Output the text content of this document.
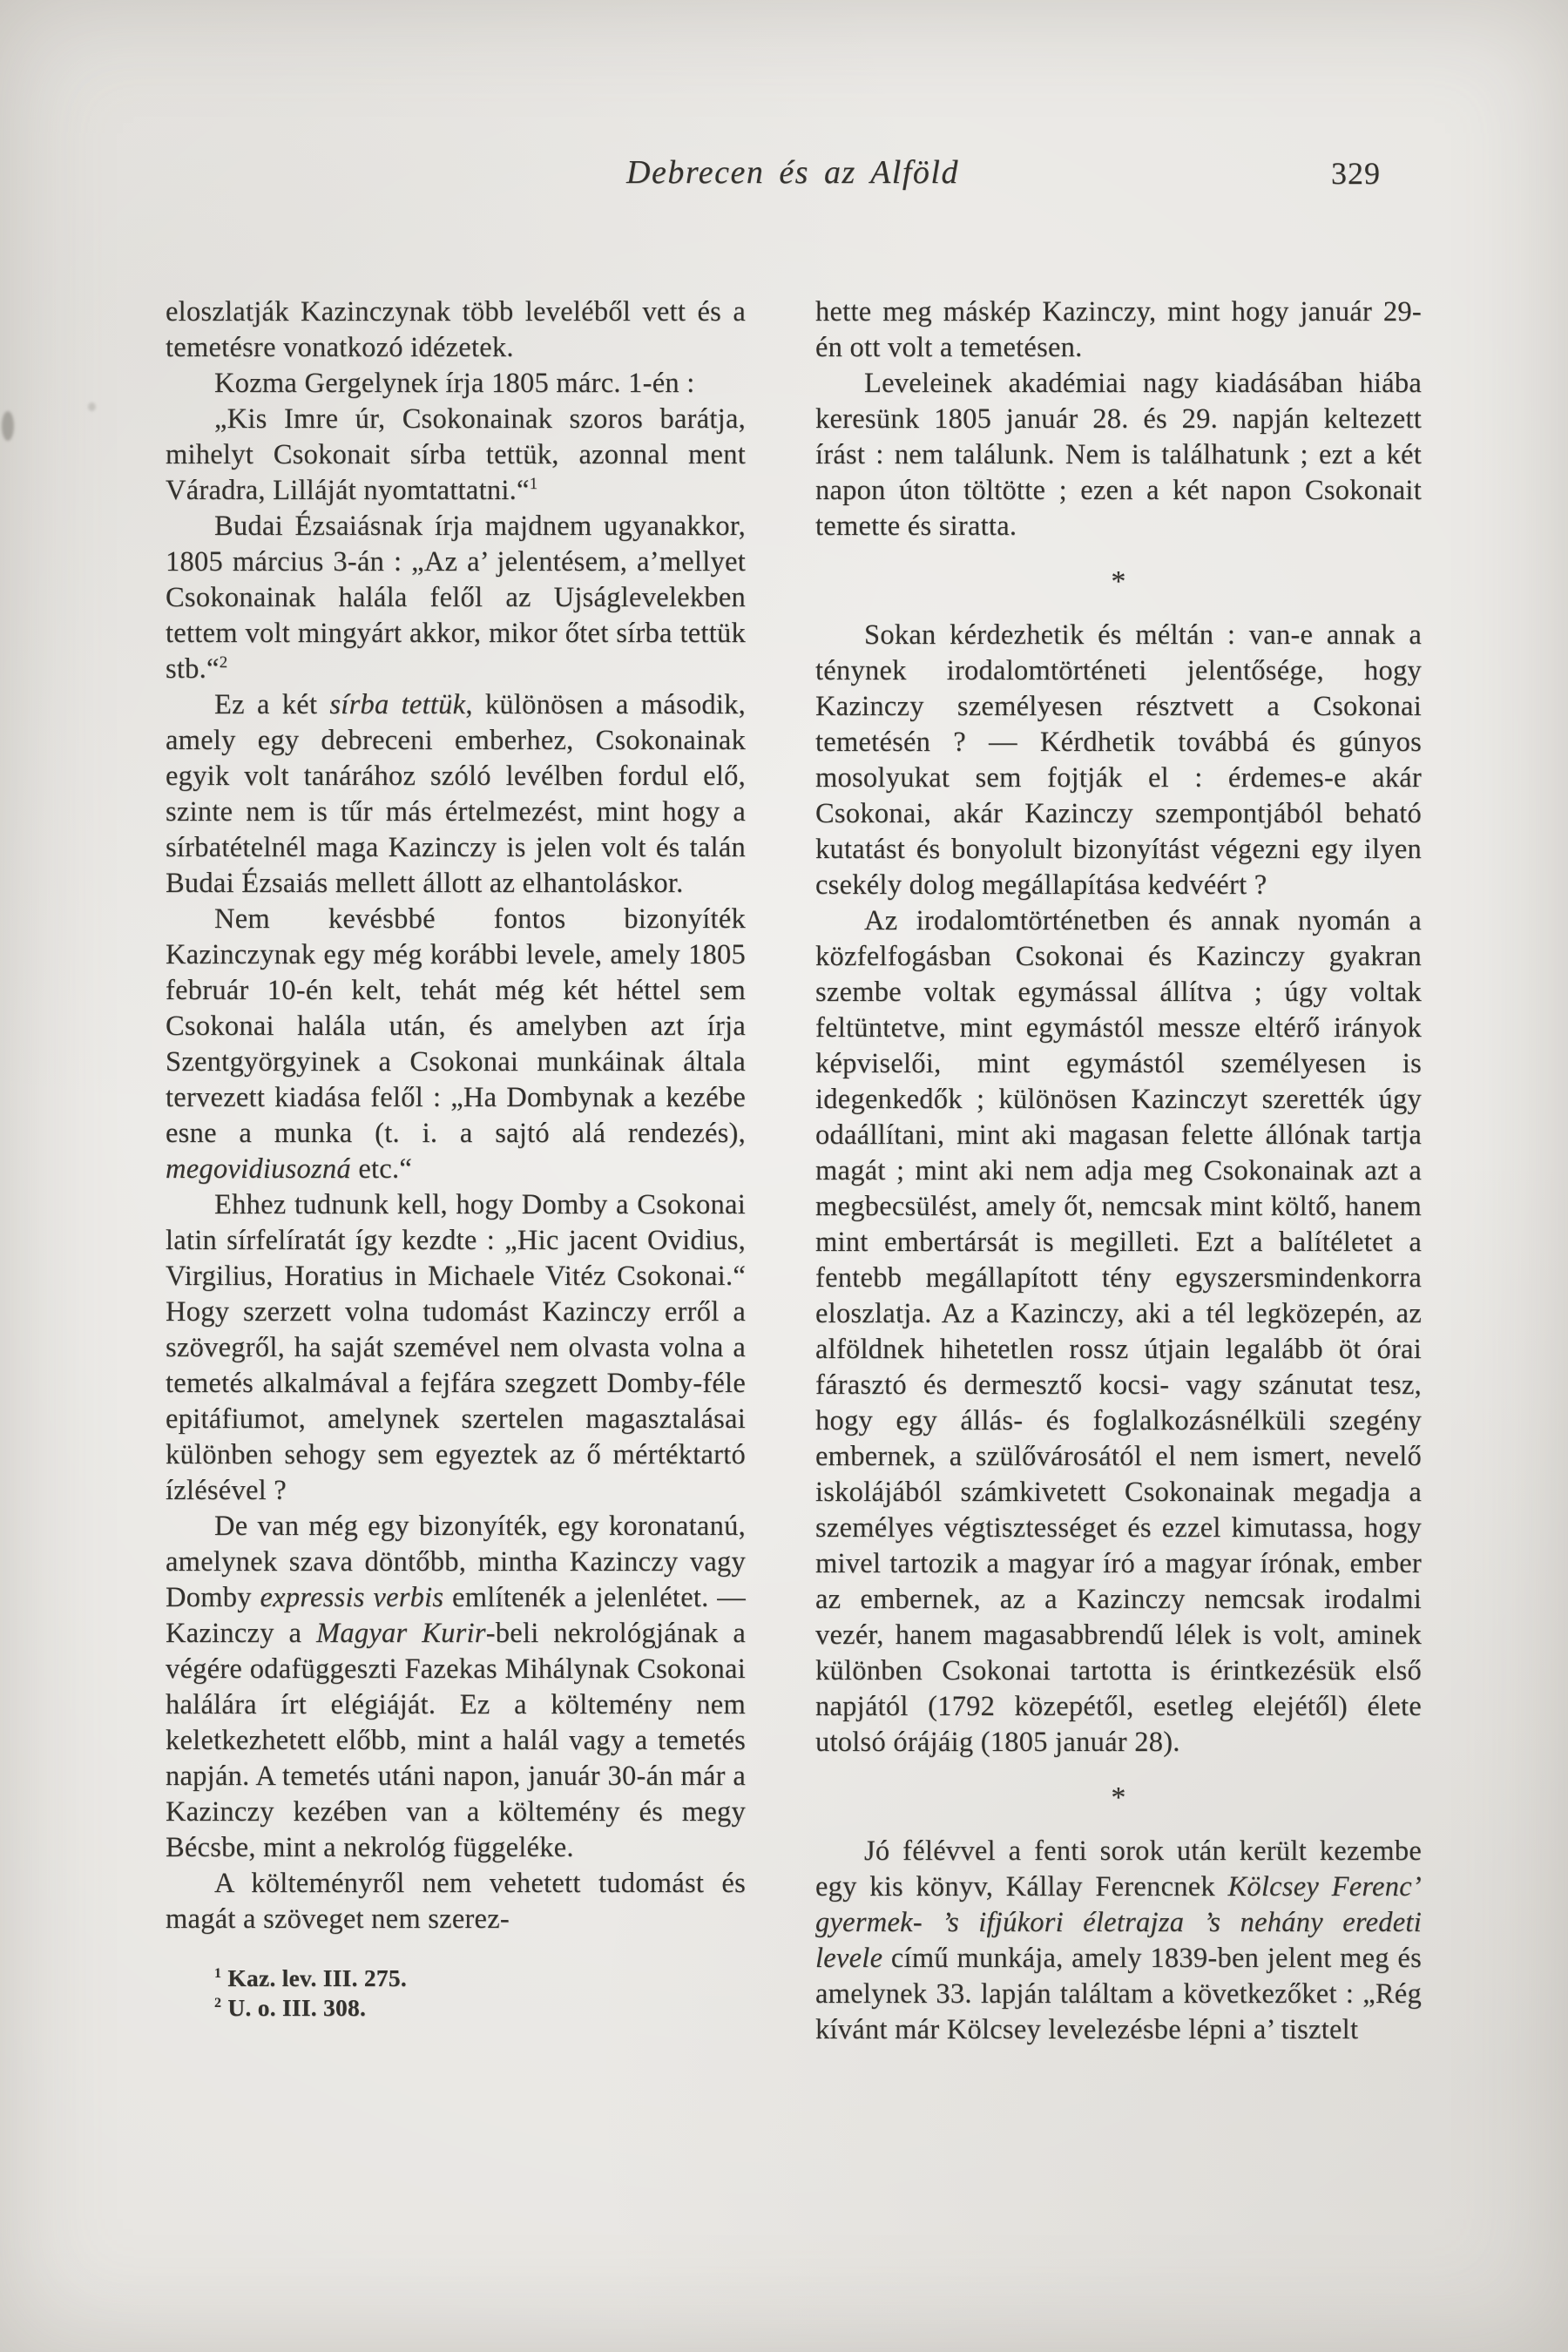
Debrecen és az Alföld	329

eloszlatják Kazinczynak több leveléből vett és a temetésre vonatkozó idézetek.

Kozma Gergelynek írja 1805 márc. 1-én :

„Kis Imre úr, Csokonainak szoros barátja, mihelyt Csokonait sírba tettük, azonnal ment Váradra, Lilláját nyomtattatni.“$^1$

Budai Ézsaiásnak írja majdnem ugyanakkor, 1805 március 3-án : „Az a’ jelentésem, a’mellyet Csokonainak halála felől az Ujságlevelekben tettem volt mingyárt akkor, mikor őtet sírba tettük stb.“$^2$

Ez a két sírba tettük, különösen a második, amely egy debreceni emberhez, Csokonainak egyik volt tanárához szóló levélben fordul elő, szinte nem is tűr más értelmezést, mint hogy a sírbatételnél maga Kazinczy is jelen volt és talán Budai Ézsaiás mellett állott az elhantoláskor.

Nem kevésbbé fontos bizonyíték Kazinczynak egy még korábbi levele, amely 1805 február 10-én kelt, tehát még két héttel sem Csokonai halála után, és amelyben azt írja Szentgyörgyinek a Csokonai munkáinak általa tervezett kiadása felől : „Ha Dombynak a kezébe esne a munka (t. i. a sajtó alá rendezés), megovidiusozná etc.“

Ehhez tudnunk kell, hogy Domby a Csokonai latin sírfelíratát így kezdte : „Hic jacent Ovidius, Virgilius, Horatius in Michaele Vitéz Csokonai.“ Hogy szerzett volna tudomást Kazinczy erről a szövegről, ha saját szemével nem olvasta volna a temetés alkalmával a fejfára szegzett Domby-féle epitáfiumot, amelynek szertelen magasztalásai különben sehogy sem egyeztek az ő mértéktartó ízlésével ?

De van még egy bizonyíték, egy koronatanú, amelynek szava döntőbb, mintha Kazinczy vagy Domby expressis verbis említenék a jelenlétet. — Kazinczy a Magyar Kurir-beli nekrológjának a végére odafüggeszti Fazekas Mihálynak Csokonai halálára írt elégiáját. Ez a költemény nem keletkezhetett előbb, mint a halál vagy a temetés napján. A temetés utáni napon, január 30-án már a Kazinczy kezében van a költemény és megy Bécsbe, mint a nekrológ függeléke.

A költeményről nem vehetett tudomást és magát a szöveget nem szerez-

$^1$ Kaz. lev. III. 275.

$^2$ U. o. III. 308.

hette meg máskép Kazinczy, mint hogy január 29-én ott volt a temetésen.

Leveleinek akadémiai nagy kiadásában hiába keresünk 1805 január 28. és 29. napján keltezett írást : nem találunk. Nem is találhatunk ; ezt a két napon úton töltötte ; ezen a két napon Csokonait temette és siratta.

*

Sokan kérdezhetik és méltán : van-e annak a ténynek irodalomtörténeti jelentősége, hogy Kazinczy személyesen résztvett a Csokonai temetésén ? — Kérdhetik továbbá és gúnyos mosolyukat sem fojtják el : érdemes-e akár Csokonai, akár Kazinczy szempontjából beható kutatást és bonyolult bizonyítást végezni egy ilyen csekély dolog megállapítása kedvéért ?

Az irodalomtörténetben és annak nyomán a közfelfogásban Csokonai és Kazinczy gyakran szembe voltak egymással állítva ; úgy voltak feltüntetve, mint egymástól messze eltérő irányok képviselői, mint egymástól személyesen is idegenkedők ; különösen Kazinczyt szerették úgy odaállítani, mint aki magasan felette állónak tartja magát ; mint aki nem adja meg Csokonainak azt a megbecsülést, amely őt, nemcsak mint költő, hanem mint embertársát is megilleti. Ezt a balítéletet a fentebb megállapított tény egyszersmindenkorra eloszlatja. Az a Kazinczy, aki a tél legközepén, az alföldnek hihetetlen rossz útjain legalább öt órai fárasztó és dermesztő kocsi- vagy szánutat tesz, hogy egy állás- és foglalkozásnélküli szegény embernek, a szülővárosától el nem ismert, nevelő iskolájából számkivetett Csokonainak megadja a személyes végtisztességet és ezzel kimutassa, hogy mivel tartozik a magyar író a magyar írónak, ember az embernek, az a Kazinczy nemcsak irodalmi vezér, hanem magasabbrendű lélek is volt, aminek különben Csokonai tartotta is érintkezésük első napjától (1792 közepétől, esetleg elejétől) élete utolsó órájáig (1805 január 28).

*

Jó félévvel a fenti sorok után került kezembe egy kis könyv, Kállay Ferencnek Kölcsey Ferenc’ gyermek- ’s ifjúkori életrajza ’s nehány eredeti levele című munkája, amely 1839-ben jelent meg és amelynek 33. lapján találtam a következőket : „Rég kívánt már Kölcsey levelezésbe lépni a’ tisztelt
